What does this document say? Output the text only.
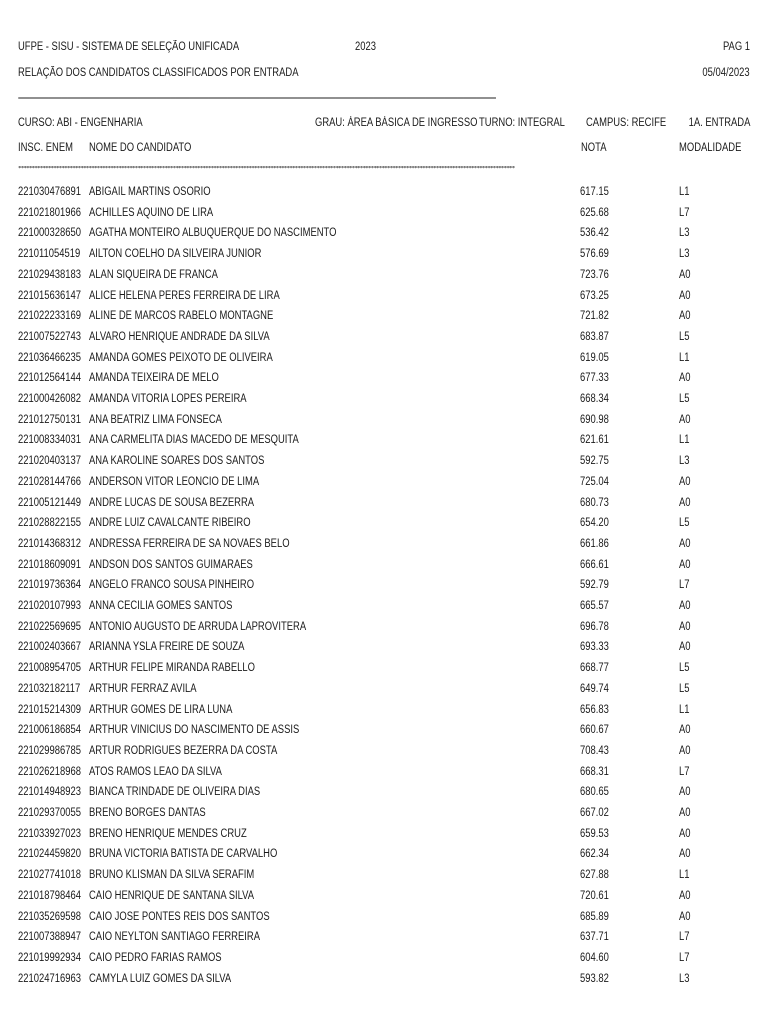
UFPE - SISU - SISTEMA DE SELEÇÃO UNIFICADA	2023	PAG 1
RELAÇÃO DOS CANDIDATOS CLASSIFICADOS POR ENTRADA	05/04/2023
================================================================================================================================================================================
CURSO: ABI - ENGENHARIA	GRAU: ÁREA BÁSICA DE INGRESSO TURNO: INTEGRAL CAMPUS: RECIFE 1A. ENTRADA
INSC. ENEM NOME DO CANDIDATO	NOTA	MODALIDADE
***************************************************************************************************************************************************************************************
221030476891 ABIGAIL MARTINS OSORIO	617.15	L1
221021801966 ACHILLES AQUINO DE LIRA	625.68	L7
221000328650 AGATHA MONTEIRO ALBUQUERQUE DO NASCIMENTO	536.42	L3
221011054519 AILTON COELHO DA SILVEIRA JUNIOR	576.69	L3
221029438183 ALAN SIQUEIRA DE FRANCA	723.76	A0
221015636147 ALICE HELENA PERES FERREIRA DE LIRA	673.25	A0
221022233169 ALINE DE MARCOS RABELO MONTAGNE	721.82	A0
221007522743 ALVARO HENRIQUE ANDRADE DA SILVA	683.87	L5
221036466235 AMANDA GOMES PEIXOTO DE OLIVEIRA	619.05	L1
221012564144 AMANDA TEIXEIRA DE MELO	677.33	A0
221000426082 AMANDA VITORIA LOPES PEREIRA	668.34	L5
221012750131 ANA BEATRIZ LIMA FONSECA	690.98	A0
221008334031 ANA CARMELITA DIAS MACEDO DE MESQUITA	621.61	L1
221020403137 ANA KAROLINE SOARES DOS SANTOS	592.75	L3
221028144766 ANDERSON VITOR LEONCIO DE LIMA	725.04	A0
221005121449 ANDRE LUCAS DE SOUSA BEZERRA	680.73	A0
221028822155 ANDRE LUIZ CAVALCANTE RIBEIRO	654.20	L5
221014368312 ANDRESSA FERREIRA DE SA NOVAES BELO	661.86	A0
221018609091 ANDSON DOS SANTOS GUIMARAES	666.61	A0
221019736364 ANGELO FRANCO SOUSA PINHEIRO	592.79	L7
221020107993 ANNA CECILIA GOMES SANTOS	665.57	A0
221022569695 ANTONIO AUGUSTO DE ARRUDA LAPROVITERA	696.78	A0
221002403667 ARIANNA YSLA FREIRE DE SOUZA	693.33	A0
221008954705 ARTHUR FELIPE MIRANDA RABELLO	668.77	L5
221032182117 ARTHUR FERRAZ AVILA	649.74	L5
221015214309 ARTHUR GOMES DE LIRA LUNA	656.83	L1
221006186854 ARTHUR VINICIUS DO NASCIMENTO DE ASSIS	660.67	A0
221029986785 ARTUR RODRIGUES BEZERRA DA COSTA	708.43	A0
221026218968 ATOS RAMOS LEAO DA SILVA	668.31	L7
221014948923 BIANCA TRINDADE DE OLIVEIRA DIAS	680.65	A0
221029370055 BRENO BORGES DANTAS	667.02	A0
221033927023 BRENO HENRIQUE MENDES CRUZ	659.53	A0
221024459820 BRUNA VICTORIA BATISTA DE CARVALHO	662.34	A0
221027741018 BRUNO KLISMAN DA SILVA SERAFIM	627.88	L1
221018798464 CAIO HENRIQUE DE SANTANA SILVA	720.61	A0
221035269598 CAIO JOSE PONTES REIS DOS SANTOS	685.89	A0
221007388947 CAIO NEYLTON SANTIAGO FERREIRA	637.71	L7
221019992934 CAIO PEDRO FARIAS RAMOS	604.60	L7
221024716963 CAMYLA LUIZ GOMES DA SILVA	593.82	L3
